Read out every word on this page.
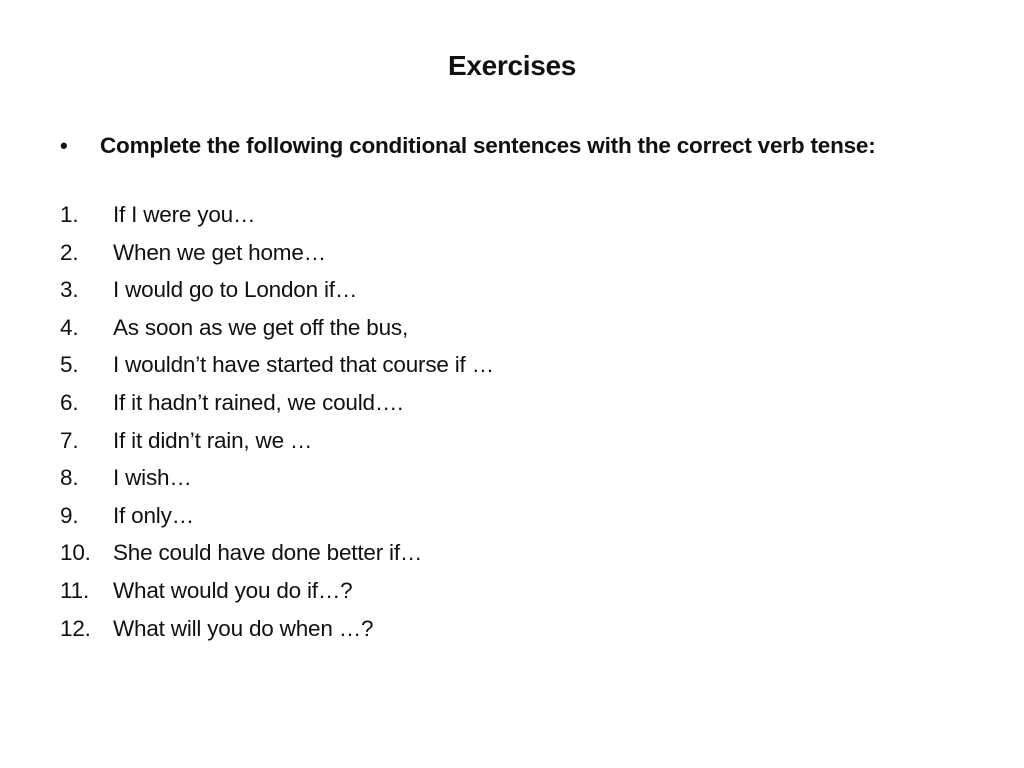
Exercises
• Complete the following conditional sentences with the correct verb tense:
1. If I were you…
2. When we get home…
3. I would go to London if…
4. As soon as we get off the bus,
5. I wouldn’t have started that course if …
6. If it hadn’t rained, we could….
7. If it didn’t rain, we …
8. I wish…
9. If only…
10. She could have done better if…
11. What would you do if…?
12. What will you do when …?
